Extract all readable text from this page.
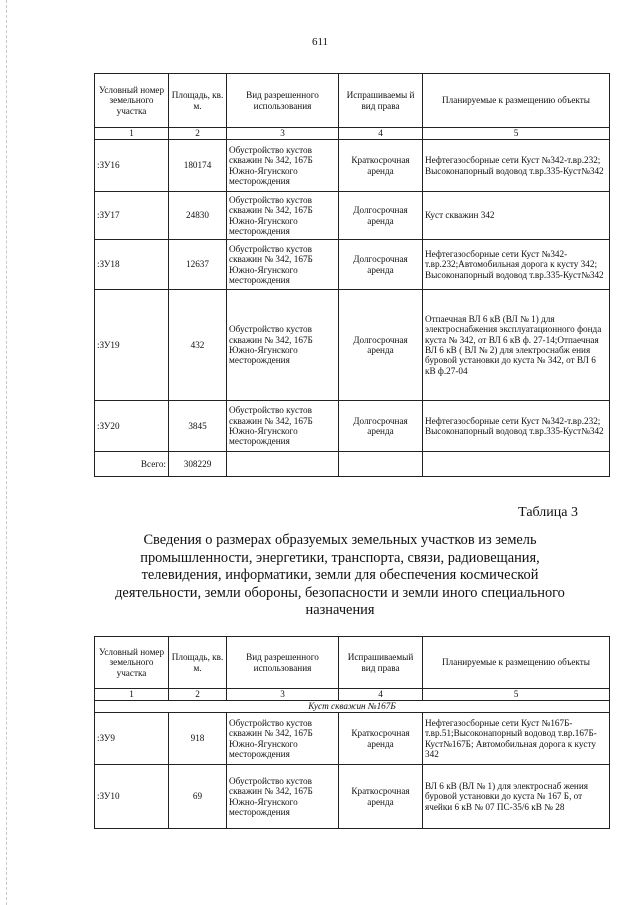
611
Условный номер земельного участка	Площадь, кв. м.	Вид разрешенного использования	Испрашиваемы й вид права	Планируемые к размещению объекты
1	2	3	4	5
:ЗУ16	180174	Обустройство кустов скважин № 342, 167Б Южно-Ягунского месторождения	Краткосрочная аренда	Нефтегазосборные сети Куст №342-т.вр.232; Высоконапорный водовод т.вр.335-Куст№342
:ЗУ17	24830	Обустройство кустов скважин № 342, 167Б Южно-Ягунского месторождения	Долгосрочная аренда	Куст скважин 342
:ЗУ18	12637	Обустройство кустов скважин № 342, 167Б Южно-Ягунского месторождения	Долгосрочная аренда	Нефтегазосборные сети Куст №342-т.вр.232;Автомобильная дорога к кусту 342; Высоконапорный водовод т.вр.335-Куст№342
:ЗУ19	432	Обустройство кустов скважин № 342, 167Б Южно-Ягунского месторождения	Долгосрочная аренда	Отпаечная ВЛ 6 кВ (ВЛ № 1) для электроснабжения эксплуатационного фонда куста № 342, от ВЛ 6 кВ ф. 27-14;Отпаечная ВЛ 6 кВ ( ВЛ № 2) для электроснабж ения буровой установки до куста № 342, от ВЛ 6 кВ ф.27-04
:ЗУ20	3845	Обустройство кустов скважин № 342, 167Б Южно-Ягунского месторождения	Долгосрочная аренда	Нефтегазосборные сети Куст №342-т.вр.232; Высоконапорный водовод т.вр.335-Куст№342
Всего:	308229			
Таблица 3
Сведения о размерах образуемых земельных участков из земель промышленности, энергетики, транспорта, связи, радиовещания, телевидения, информатики, земли для обеспечения космической деятельности, земли обороны, безопасности и земли иного специального назначения
Условный номер земельного участка	Площадь, кв. м.	Вид разрешенного использования	Испрашиваемый вид права	Планируемые к размещению объекты
1	2	3	4	5
Куст скважин №167Б				
:ЗУ9	918	Обустройство кустов скважин № 342, 167Б Южно-Ягунского месторождения	Краткосрочная аренда	Нефтегазосборные сети Куст №167Б-т.вр.51;Высоконапорный водовод т.вр.167Б-Куст№167Б; Автомобильная дорога к кусту 342
:ЗУ10	69	Обустройство кустов скважин № 342, 167Б Южно-Ягунского месторождения	Краткосрочная аренда	ВЛ 6 кВ (ВЛ № 1) для электроснаб жения буровой установки до куста № 167 Б, от ячейки 6 кВ № 07 ПС-35/6 кВ № 28
